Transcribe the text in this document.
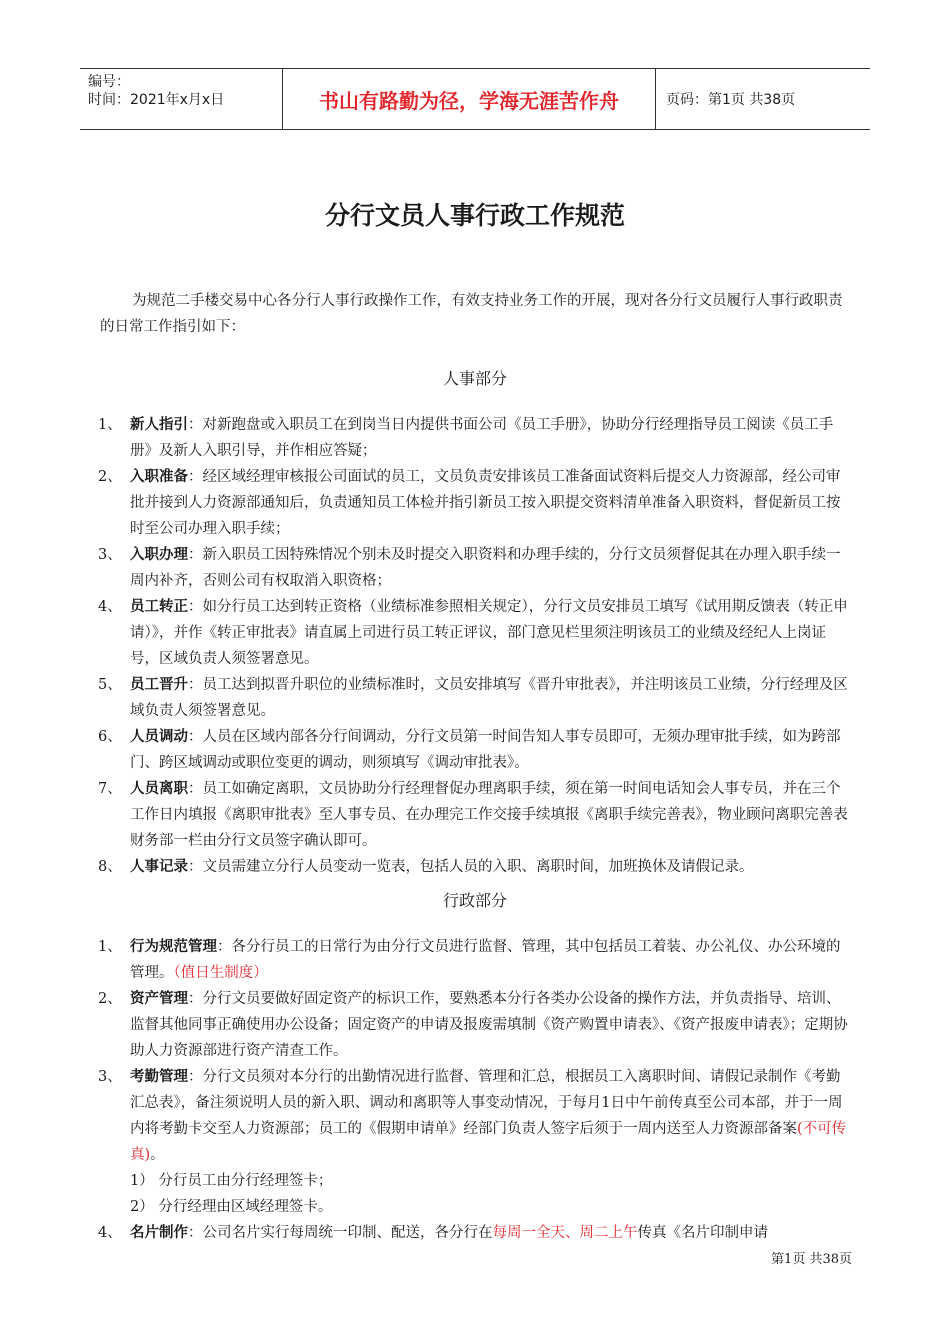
编号：
时间：2021年x月x日	书山有路勤为径，学海无涯苦作舟	页码：第1页 共38页
分行文员人事行政工作规范

为规范二手楼交易中心各分行人事行政操作工作，有效支持业务工作的开展，现对各分行文员履行人事行政职责的日常工作指引如下：

人事部分
1、 新人指引：对新跑盘或入职员工在到岗当日内提供书面公司《员工手册》，协助分行经理指导员工阅读《员工手册》及新人入职引导，并作相应答疑；
2、 入职准备：经区域经理审核报公司面试的员工，文员负责安排该员工准备面试资料后提交人力资源部，经公司审批并接到人力资源部通知后，负责通知员工体检并指引新员工按入职提交资料清单准备入职资料，督促新员工按时至公司办理入职手续；
3、 入职办理：新入职员工因特殊情况个别未及时提交入职资料和办理手续的，分行文员须督促其在办理入职手续一周内补齐，否则公司有权取消入职资格；
4、 员工转正：如分行员工达到转正资格（业绩标准参照相关规定），分行文员安排员工填写《试用期反馈表（转正申请）》，并作《转正审批表》请直属上司进行员工转正评议，部门意见栏里须注明该员工的业绩及经纪人上岗证号，区域负责人须签署意见。
5、 员工晋升：员工达到拟晋升职位的业绩标准时，文员安排填写《晋升审批表》，并注明该员工业绩，分行经理及区域负责人须签署意见。
6、 人员调动：人员在区域内部各分行间调动，分行文员第一时间告知人事专员即可，无须办理审批手续，如为跨部门、跨区域调动或职位变更的调动，则须填写《调动审批表》。
7、 人员离职：员工如确定离职，文员协助分行经理督促办理离职手续，须在第一时间电话知会人事专员，并在三个工作日内填报《离职审批表》至人事专员、在办理完工作交接手续填报《离职手续完善表》，物业顾问离职完善表财务部一栏由分行文员签字确认即可。
8、 人事记录：文员需建立分行人员变动一览表，包括人员的入职、离职时间，加班换休及请假记录。
行政部分
1、 行为规范管理：各分行员工的日常行为由分行文员进行监督、管理，其中包括员工着装、办公礼仪、办公环境的管理。（值日生制度）
2、 资产管理：分行文员要做好固定资产的标识工作，要熟悉本分行各类办公设备的操作方法，并负责指导、培训、监督其他同事正确使用办公设备；固定资产的申请及报废需填制《资产购置申请表》、《资产报废申请表》；定期协助人力资源部进行资产清查工作。
3、 考勤管理：分行文员须对本分行的出勤情况进行监督、管理和汇总，根据员工入离职时间、请假记录制作《考勤汇总表》，备注须说明人员的新入职、调动和离职等人事变动情况，于每月1日中午前传真至公司本部，并于一周内将考勤卡交至人力资源部；员工的《假期申请单》经部门负责人签字后须于一周内送至人力资源部备案(不可传真)。
1） 分行员工由分行经理签卡；
2） 分行经理由区域经理签卡。
4、 名片制作：公司名片实行每周统一印制、配送，各分行在每周一全天、周二上午传真《名片印制申请
第1页 共38页
